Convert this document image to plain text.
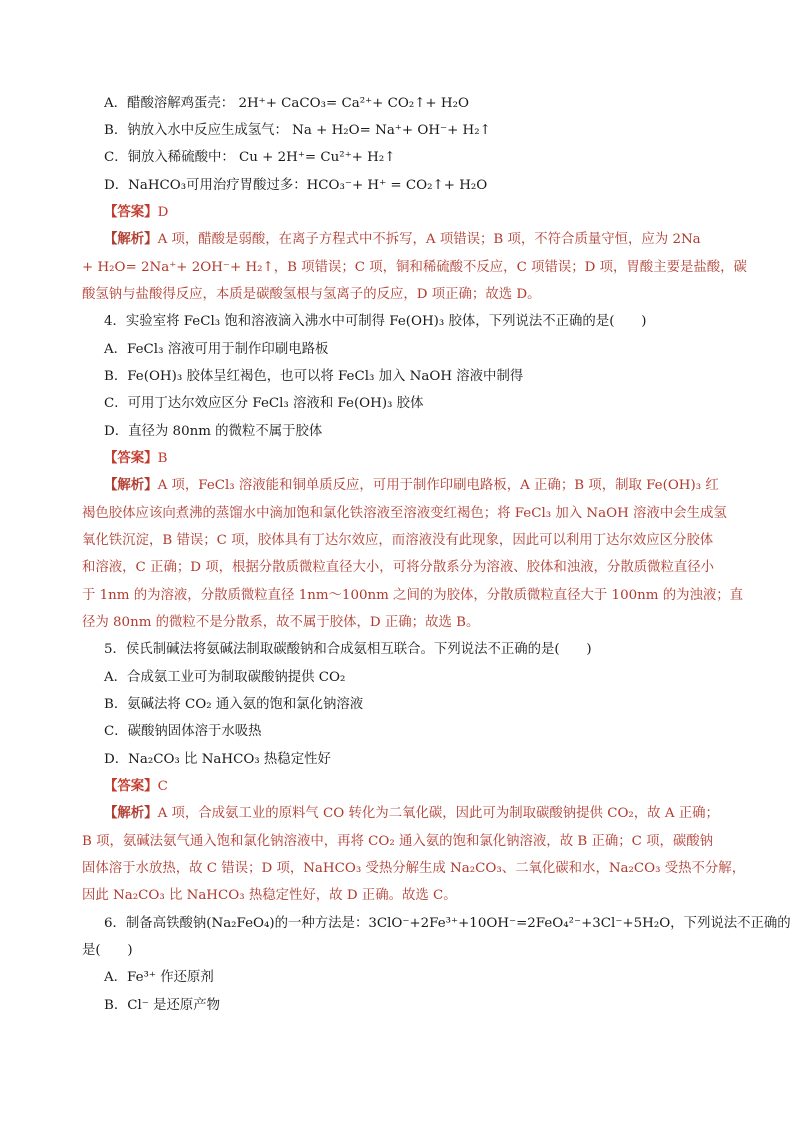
A．醋酸溶解鸡蛋壳： 2H⁺+ CaCO₃= Ca²⁺+ CO₂↑+ H₂O
B．钠放入水中反应生成氢气： Na + H₂O= Na⁺+ OH⁻+ H₂↑
C．铜放入稀硫酸中： Cu + 2H⁺= Cu²⁺+ H₂↑
D．NaHCO₃可用治疗胃酸过多：HCO₃⁻+ H⁺ = CO₂↑+ H₂O
【答案】D
【解析】A 项，醋酸是弱酸，在离子方程式中不拆写，A 项错误；B 项，不符合质量守恒，应为 2Na
+ H₂O= 2Na⁺+ 2OH⁻+ H₂↑，B 项错误；C 项，铜和稀硫酸不反应，C 项错误；D 项，胃酸主要是盐酸，碳
酸氢钠与盐酸得反应，本质是碳酸氢根与氢离子的反应，D 项正确；故选 D。
4．实验室将 FeCl₃ 饱和溶液滴入沸水中可制得 Fe(OH)₃ 胶体，下列说法不正确的是(　　)
A．FeCl₃ 溶液可用于制作印刷电路板
B．Fe(OH)₃ 胶体呈红褐色，也可以将 FeCl₃ 加入 NaOH 溶液中制得
C．可用丁达尔效应区分 FeCl₃ 溶液和 Fe(OH)₃ 胶体
D．直径为 80nm 的微粒不属于胶体
【答案】B
【解析】A 项，FeCl₃ 溶液能和铜单质反应，可用于制作印刷电路板，A 正确；B 项，制取 Fe(OH)₃ 红
褐色胶体应该向煮沸的蒸馏水中滴加饱和氯化铁溶液至溶液变红褐色；将 FeCl₃ 加入 NaOH 溶液中会生成氢
氧化铁沉淀，B 错误；C 项，胶体具有丁达尔效应，而溶液没有此现象，因此可以利用丁达尔效应区分胶体
和溶液，C 正确；D 项，根据分散质微粒直径大小，可将分散系分为溶液、胶体和浊液，分散质微粒直径小
于 1nm 的为溶液，分散质微粒直径 1nm～100nm 之间的为胶体，分散质微粒直径大于 100nm 的为浊液；直
径为 80nm 的微粒不是分散系，故不属于胶体，D 正确；故选 B。
5．侯氏制碱法将氨碱法制取碳酸钠和合成氨相互联合。下列说法不正确的是(　　)
A．合成氨工业可为制取碳酸钠提供 CO₂
B．氨碱法将 CO₂ 通入氨的饱和氯化钠溶液
C．碳酸钠固体溶于水吸热
D．Na₂CO₃ 比 NaHCO₃ 热稳定性好
【答案】C
【解析】A 项，合成氨工业的原料气 CO 转化为二氧化碳，因此可为制取碳酸钠提供 CO₂，故 A 正确；
B 项，氨碱法氨气通入饱和氯化钠溶液中，再将 CO₂ 通入氨的饱和氯化钠溶液，故 B 正确；C 项，碳酸钠
固体溶于水放热，故 C 错误；D 项，NaHCO₃ 受热分解生成 Na₂CO₃、二氧化碳和水，Na₂CO₃ 受热不分解，
因此 Na₂CO₃ 比 NaHCO₃ 热稳定性好，故 D 正确。故选 C。
6．制备高铁酸钠(Na₂FeO₄)的一种方法是：3ClO⁻+2Fe³⁺+10OH⁻=2FeO₄²⁻+3Cl⁻+5H₂O，下列说法不正确的
是(　　)
A．Fe³⁺ 作还原剂
B．Cl⁻ 是还原产物
